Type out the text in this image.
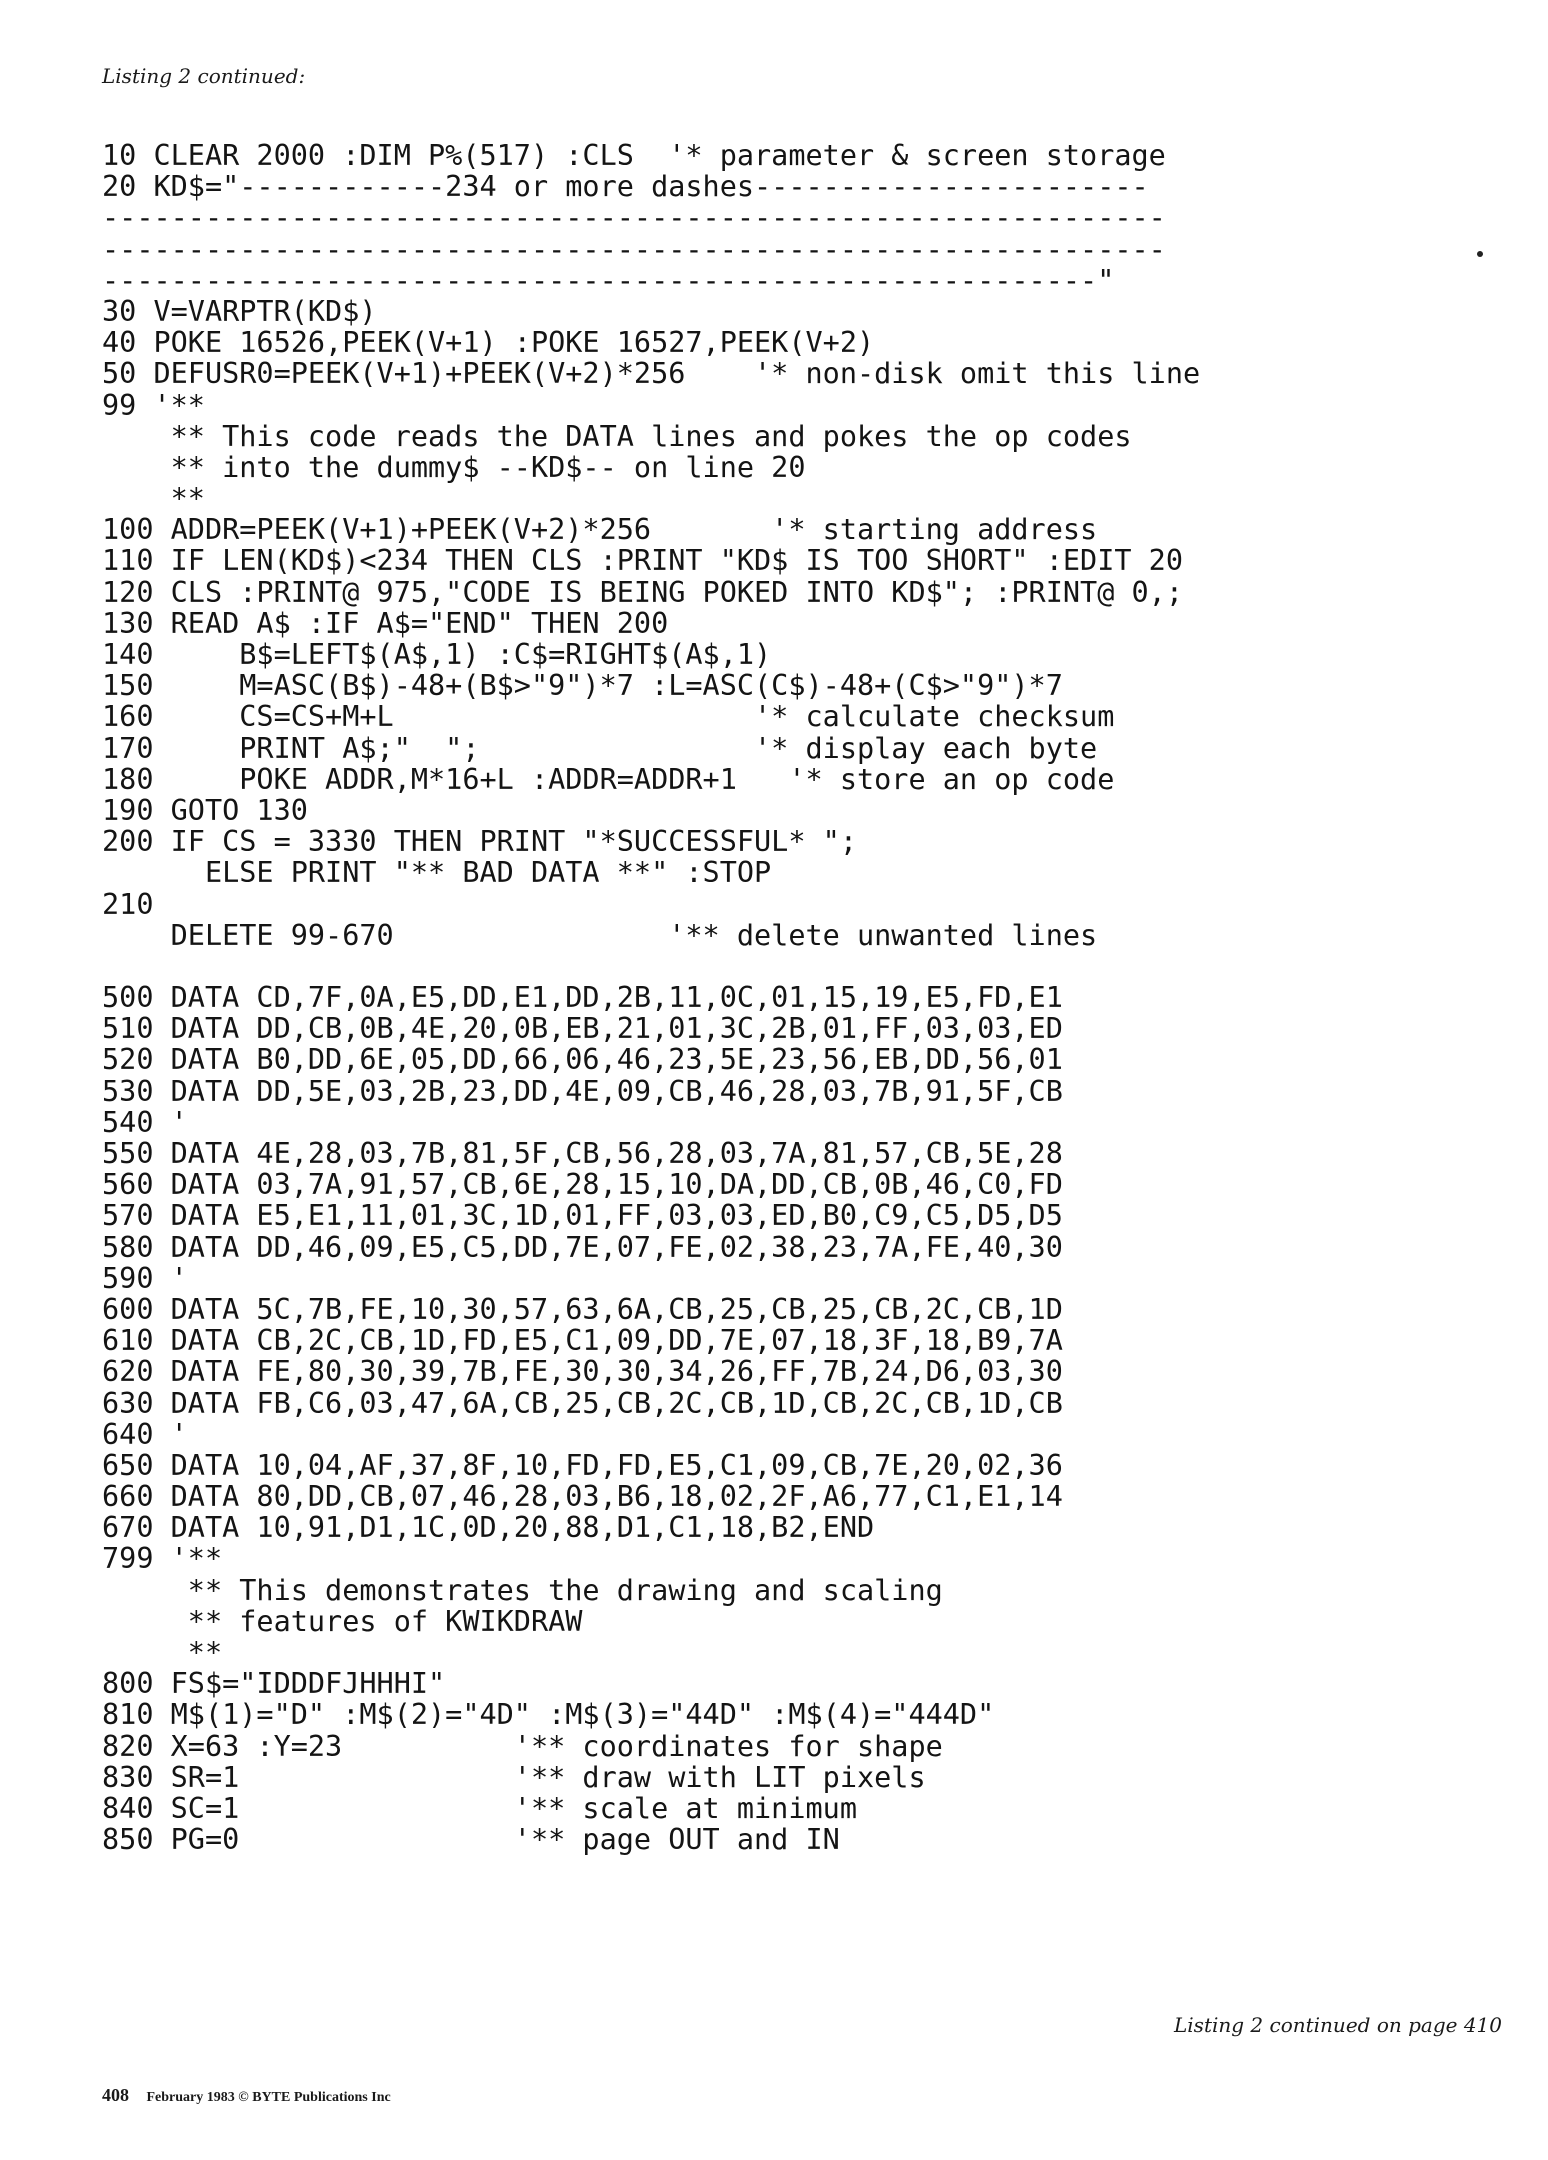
Listing 2 continued:
10 CLEAR 2000 :DIM P%(517) :CLS  '* parameter & screen storage
20 KD$="------------234 or more dashes-----------------------
--------------------------------------------------------------
--------------------------------------------------------------
----------------------------------------------------------"
30 V=VARPTR(KD$)
40 POKE 16526,PEEK(V+1) :POKE 16527,PEEK(V+2)
50 DEFUSR0=PEEK(V+1)+PEEK(V+2)*256    '* non-disk omit this line
99 '**
** This code reads the DATA lines and pokes the op codes
** into the dummy$ --KD$-- on line 20
**
100 ADDR=PEEK(V+1)+PEEK(V+2)*256       '* starting address
110 IF LEN(KD$)<234 THEN CLS :PRINT "KD$ IS TOO SHORT" :EDIT 20
120 CLS :PRINT@ 975,"CODE IS BEING POKED INTO KD$"; :PRINT@ 0,;
130 READ A$ :IF A$="END" THEN 200
140     B$=LEFT$(A$,1) :C$=RIGHT$(A$,1)
150     M=ASC(B$)-48+(B$>"9")*7 :L=ASC(C$)-48+(C$>"9")*7
160     CS=CS+M+L                     '* calculate checksum
170     PRINT A$;"  ";                '* display each byte
180     POKE ADDR,M*16+L :ADDR=ADDR+1   '* store an op code
190 GOTO 130
200 IF CS = 3330 THEN PRINT "*SUCCESSFUL* ";
ELSE PRINT "** BAD DATA **" :STOP
210
DELETE 99-670                '** delete unwanted lines
500 DATA CD,7F,0A,E5,DD,E1,DD,2B,11,0C,01,15,19,E5,FD,E1
510 DATA DD,CB,0B,4E,20,0B,EB,21,01,3C,2B,01,FF,03,03,ED
520 DATA B0,DD,6E,05,DD,66,06,46,23,5E,23,56,EB,DD,56,01
530 DATA DD,5E,03,2B,23,DD,4E,09,CB,46,28,03,7B,91,5F,CB
540 '
550 DATA 4E,28,03,7B,81,5F,CB,56,28,03,7A,81,57,CB,5E,28
560 DATA 03,7A,91,57,CB,6E,28,15,10,DA,DD,CB,0B,46,C0,FD
570 DATA E5,E1,11,01,3C,1D,01,FF,03,03,ED,B0,C9,C5,D5,D5
580 DATA DD,46,09,E5,C5,DD,7E,07,FE,02,38,23,7A,FE,40,30
590 '
600 DATA 5C,7B,FE,10,30,57,63,6A,CB,25,CB,25,CB,2C,CB,1D
610 DATA CB,2C,CB,1D,FD,E5,C1,09,DD,7E,07,18,3F,18,B9,7A
620 DATA FE,80,30,39,7B,FE,30,30,34,26,FF,7B,24,D6,03,30
630 DATA FB,C6,03,47,6A,CB,25,CB,2C,CB,1D,CB,2C,CB,1D,CB
640 '
650 DATA 10,04,AF,37,8F,10,FD,FD,E5,C1,09,CB,7E,20,02,36
660 DATA 80,DD,CB,07,46,28,03,B6,18,02,2F,A6,77,C1,E1,14
670 DATA 10,91,D1,1C,0D,20,88,D1,C1,18,B2,END
799 '**
** This demonstrates the drawing and scaling
** features of KWIKDRAW
**
800 FS$="IDDDFJHHHI"
810 M$(1)="D" :M$(2)="4D" :M$(3)="44D" :M$(4)="444D"
820 X=63 :Y=23          '** coordinates for shape
830 SR=1                '** draw with LIT pixels
840 SC=1                '** scale at minimum
850 PG=0                '** page OUT and IN
Listing 2 continued on page 410
408 February 1983 © BYTE Publications Inc
